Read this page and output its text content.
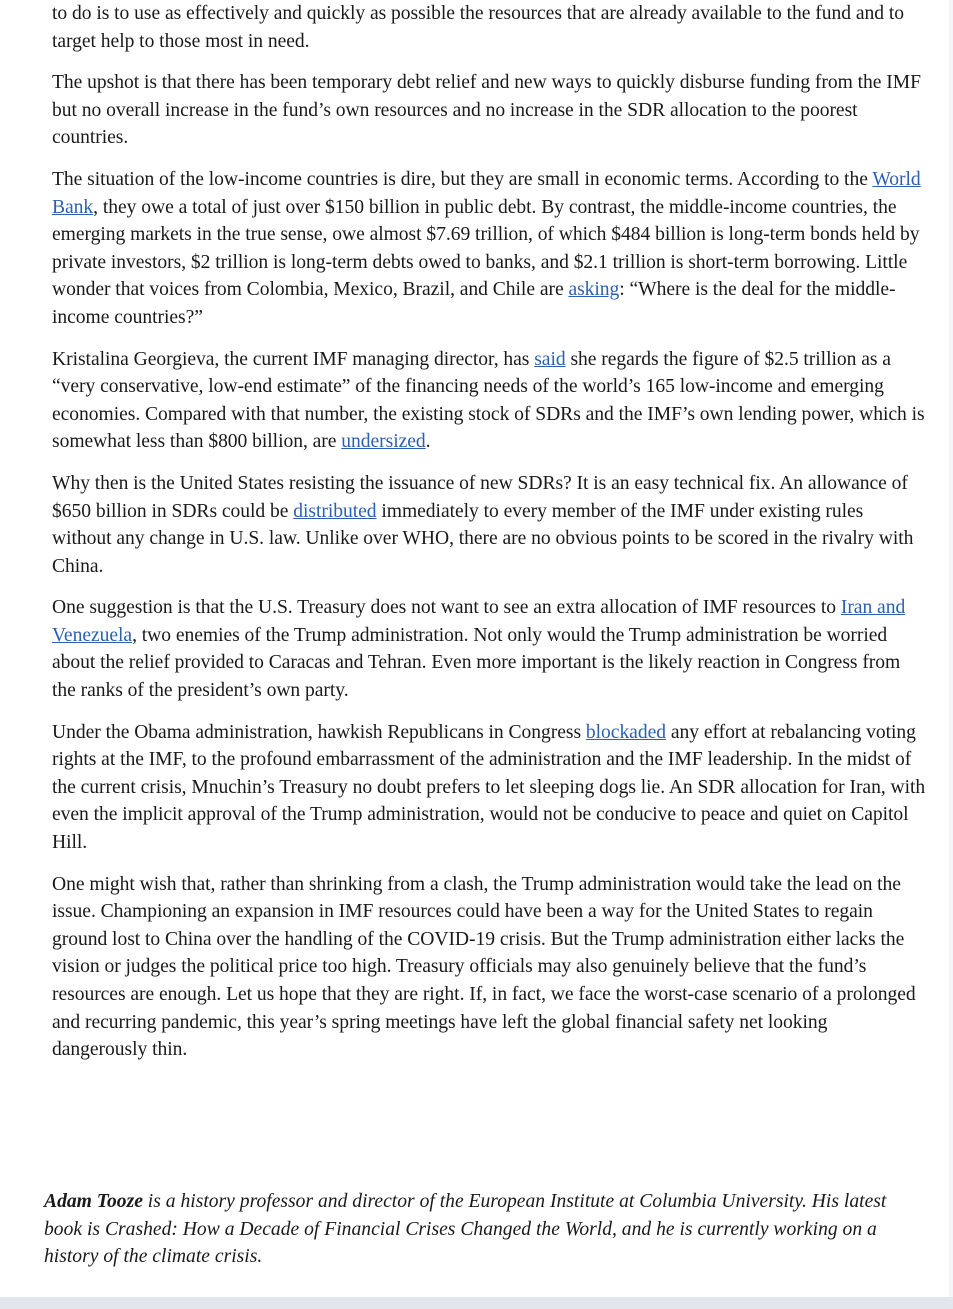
to do is to use as effectively and quickly as possible the resources that are already available to the fund and to target help to those most in need.

The upshot is that there has been temporary debt relief and new ways to quickly disburse funding from the IMF but no overall increase in the fund’s own resources and no increase in the SDR allocation to the poorest countries.

The situation of the low-income countries is dire, but they are small in economic terms. According to the World Bank, they owe a total of just over $150 billion in public debt. By contrast, the middle-income countries, the emerging markets in the true sense, owe almost $7.69 trillion, of which $484 billion is long-term bonds held by private investors, $2 trillion is long-term debts owed to banks, and $2.1 trillion is short-term borrowing. Little wonder that voices from Colombia, Mexico, Brazil, and Chile are asking: “Where is the deal for the middle-income countries?”

Kristalina Georgieva, the current IMF managing director, has said she regards the figure of $2.5 trillion as a “very conservative, low-end estimate” of the financing needs of the world’s 165 low-income and emerging economies. Compared with that number, the existing stock of SDRs and the IMF’s own lending power, which is somewhat less than $800 billion, are undersized.

Why then is the United States resisting the issuance of new SDRs? It is an easy technical fix. An allowance of $650 billion in SDRs could be distributed immediately to every member of the IMF under existing rules without any change in U.S. law. Unlike over WHO, there are no obvious points to be scored in the rivalry with China.

One suggestion is that the U.S. Treasury does not want to see an extra allocation of IMF resources to Iran and Venezuela, two enemies of the Trump administration. Not only would the Trump administration be worried about the relief provided to Caracas and Tehran. Even more important is the likely reaction in Congress from the ranks of the president’s own party.

Under the Obama administration, hawkish Republicans in Congress blockaded any effort at rebalancing voting rights at the IMF, to the profound embarrassment of the administration and the IMF leadership. In the midst of the current crisis, Mnuchin’s Treasury no doubt prefers to let sleeping dogs lie. An SDR allocation for Iran, with even the implicit approval of the Trump administration, would not be conducive to peace and quiet on Capitol Hill.

One might wish that, rather than shrinking from a clash, the Trump administration would take the lead on the issue. Championing an expansion in IMF resources could have been a way for the United States to regain ground lost to China over the handling of the COVID-19 crisis. But the Trump administration either lacks the vision or judges the political price too high. Treasury officials may also genuinely believe that the fund’s resources are enough. Let us hope that they are right. If, in fact, we face the worst-case scenario of a prolonged and recurring pandemic, this year’s spring meetings have left the global financial safety net looking dangerously thin.

Adam Tooze is a history professor and director of the European Institute at Columbia University. His latest book is Crashed: How a Decade of Financial Crises Changed the World, and he is currently working on a history of the climate crisis.
